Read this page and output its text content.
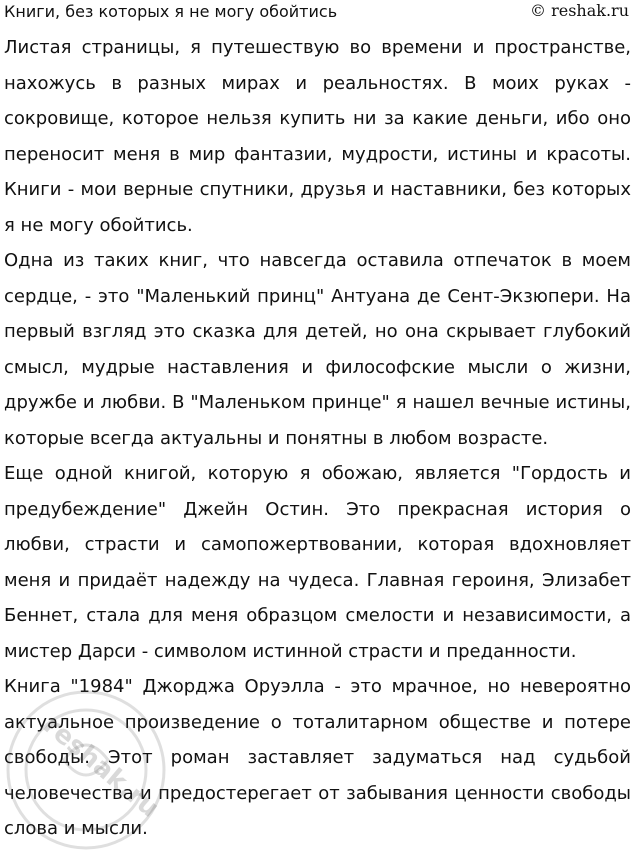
Книги, без которых я не могу обойтись	© reshak.ru

Листая страницы, я путешествую во времени и пространстве, нахожусь в разных мирах и реальностях. В моих руках - сокровище, которое нельзя купить ни за какие деньги, ибо оно переносит меня в мир фантазии, мудрости, истины и красоты. Книги - мои верные спутники, друзья и наставники, без которых я не могу обойтись.

Одна из таких книг, что навсегда оставила отпечаток в моем сердце, - это "Маленький принц" Антуана де Сент-Экзюпери. На первый взгляд это сказка для детей, но она скрывает глубокий смысл, мудрые наставления и философские мысли о жизни, дружбе и любви. В "Маленьком принце" я нашел вечные истины, которые всегда актуальны и понятны в любом возрасте.

Еще одной книгой, которую я обожаю, является "Гордость и предубеждение" Джейн Остин. Это прекрасная история о любви, страсти и самопожертвовании, которая вдохновляет меня и придаёт надежду на чудеса. Главная героиня, Элизабет Беннет, стала для меня образцом смелости и независимости, а мистер Дарси - символом истинной страсти и преданности.

Книга "1984" Джорджа Оруэлла - это мрачное, но невероятно актуальное произведение о тоталитарном обществе и потере свободы. Этот роман заставляет задуматься над судьбой человечества и предостерегает от забывания ценности свободы слова и мысли.

reshak.ru
